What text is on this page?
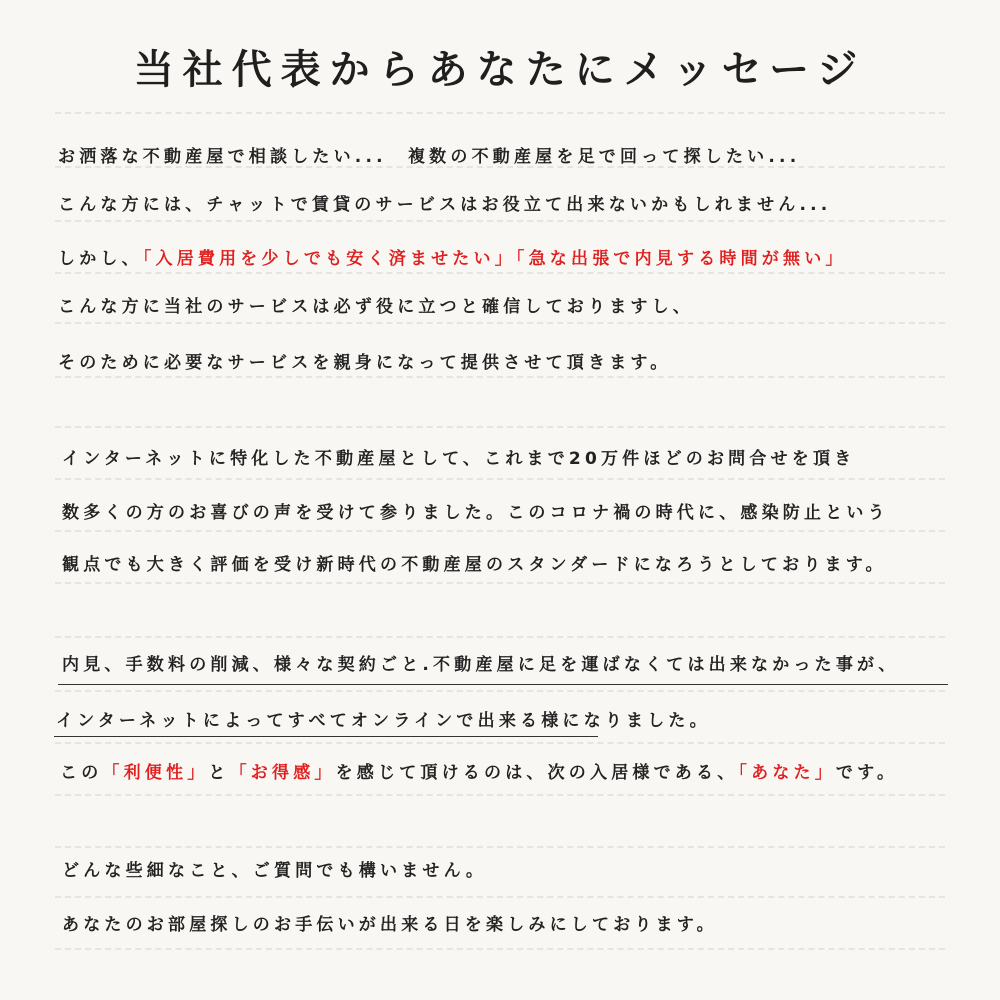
当社代表からあなたにメッセージ
お洒落な不動産屋で相談したい...　複数の不動産屋を足で回って探したい...
こんな方には、チャットで賃貸のサービスはお役立て出来ないかもしれません...
しかし、「入居費用を少しでも安く済ませたい」「急な出張で内見する時間が無い」
こんな方に当社のサービスは必ず役に立つと確信しておりますし、
そのために必要なサービスを親身になって提供させて頂きます。
インターネットに特化した不動産屋として、これまで20万件ほどのお問合せを頂き
数多くの方のお喜びの声を受けて参りました。このコロナ禍の時代に、感染防止という
観点でも大きく評価を受け新時代の不動産屋のスタンダードになろうとしております。
内見、手数料の削減、様々な契約ごと.不動産屋に足を運ばなくては出来なかった事が、
インターネットによってすべてオンラインで出来る様になりました。
この「利便性」と「お得感」を感じて頂けるのは、次の入居様である、「あなた」です。
どんな些細なこと、ご質問でも構いません。
あなたのお部屋探しのお手伝いが出来る日を楽しみにしております。
